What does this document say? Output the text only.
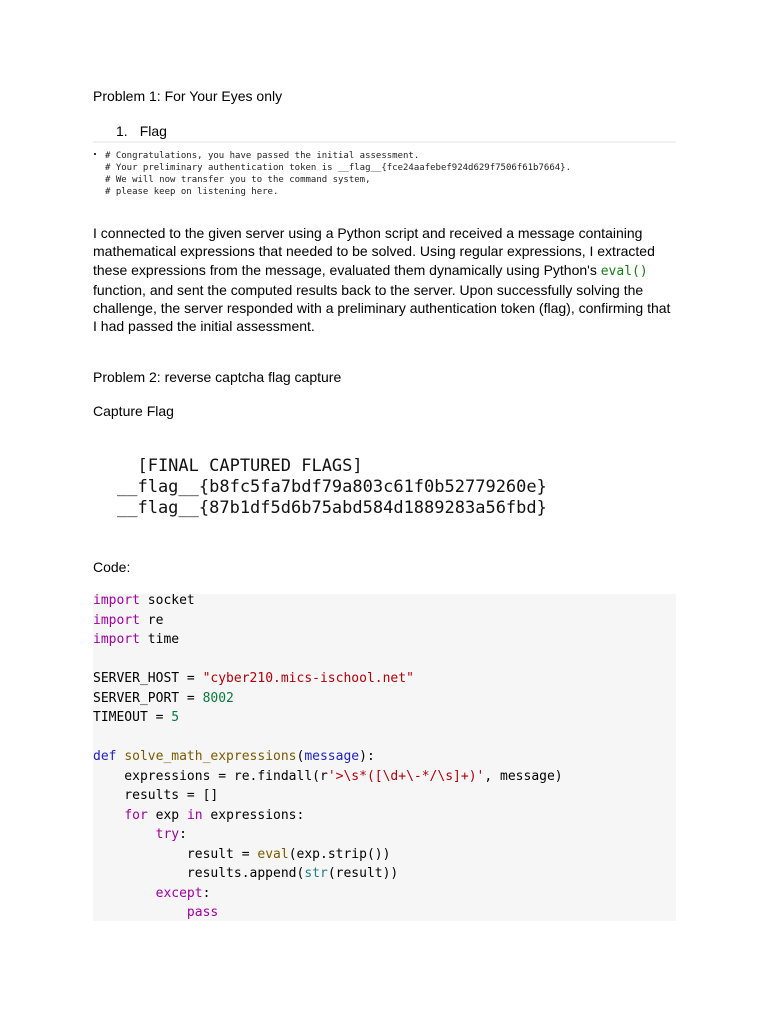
Problem 1: For Your Eyes only
1. Flag
# Congratulations, you have passed the initial assessment.
# Your preliminary authentication token is __flag__{fce24aafebef924d629f7506f61b7664}.
# We will now transfer you to the command system,
# please keep on listening here.
I connected to the given server using a Python script and received a message containing mathematical expressions that needed to be solved. Using regular expressions, I extracted these expressions from the message, evaluated them dynamically using Python's eval() function, and sent the computed results back to the server. Upon successfully solving the challenge, the server responded with a preliminary authentication token (flag), confirming that I had passed the initial assessment.
Problem 2: reverse captcha flag capture
Capture Flag
[FINAL CAPTURED FLAGS]
__flag__{b8fc5fa7bdf79a803c61f0b52779260e}
__flag__{87b1df5d6b75abd584d1889283a56fbd}
Code:
import socket
import re
import time
SERVER_HOST = "cyber210.mics-ischool.net"
SERVER_PORT = 8002
TIMEOUT = 5
def solve_math_expressions(message):
expressions = re.findall(r'>\s*([\d+\-*/\s]+)', message)
results = []
for exp in expressions:
try:
result = eval(exp.strip())
results.append(str(result))
except:
pass
